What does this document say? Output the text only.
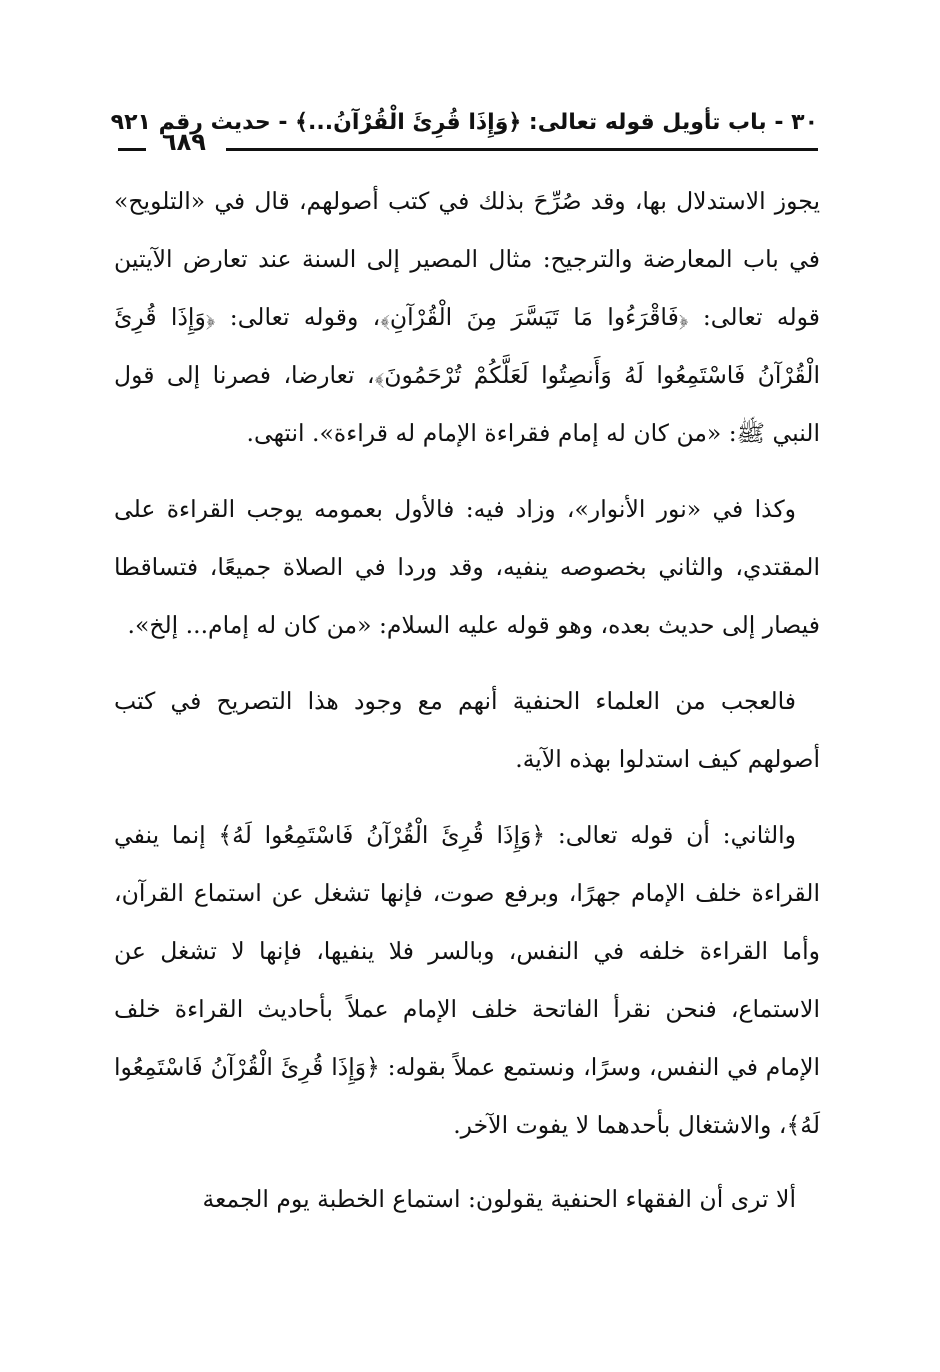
٣٠ - باب تأويل قوله تعالى: ﴿وَإِذَا قُرِئَ الْقُرْآنُ...﴾ - حديث رقم ٩٢١
٦٨٩

يجوز الاستدلال بها، وقد صُرِّحَ بذلك في كتب أصولهم، قال في «التلويح» في باب المعارضة والترجيح: مثال المصير إلى السنة عند تعارض الآيتين قوله تعالى: ﴿فَاقْرَءُوا مَا تَيَسَّرَ مِنَ الْقُرْآنِ﴾، وقوله تعالى: ﴿وَإِذَا قُرِئَ الْقُرْآنُ فَاسْتَمِعُوا لَهُ وَأَنصِتُوا لَعَلَّكُمْ تُرْحَمُونَ﴾، تعارضا، فصرنا إلى قول النبي ﷺ: «من كان له إمام فقراءة الإمام له قراءة». انتهى.

وكذا في «نور الأنوار»، وزاد فيه: فالأول بعمومه يوجب القراءة على المقتدي، والثاني بخصوصه ينفيه، وقد وردا في الصلاة جميعًا، فتساقطا فيصار إلى حديث بعده، وهو قوله عليه السلام: «من كان له إمام... إلخ».

فالعجب من العلماء الحنفية أنهم مع وجود هذا التصريح في كتب أصولهم كيف استدلوا بهذه الآية.

والثاني: أن قوله تعالى: ﴿وَإِذَا قُرِئَ الْقُرْآنُ فَاسْتَمِعُوا لَهُ﴾ إنما ينفي القراءة خلف الإمام جهرًا، وبرفع صوت، فإنها تشغل عن استماع القرآن، وأما القراءة خلفه في النفس، وبالسر فلا ينفيها، فإنها لا تشغل عن الاستماع، فنحن نقرأ الفاتحة خلف الإمام عملاً بأحاديث القراءة خلف الإمام في النفس، وسرًا، ونستمع عملاً بقوله: ﴿وَإِذَا قُرِئَ الْقُرْآنُ فَاسْتَمِعُوا لَهُ﴾، والاشتغال بأحدهما لا يفوت الآخر.

ألا ترى أن الفقهاء الحنفية يقولون: استماع الخطبة يوم الجمعة
